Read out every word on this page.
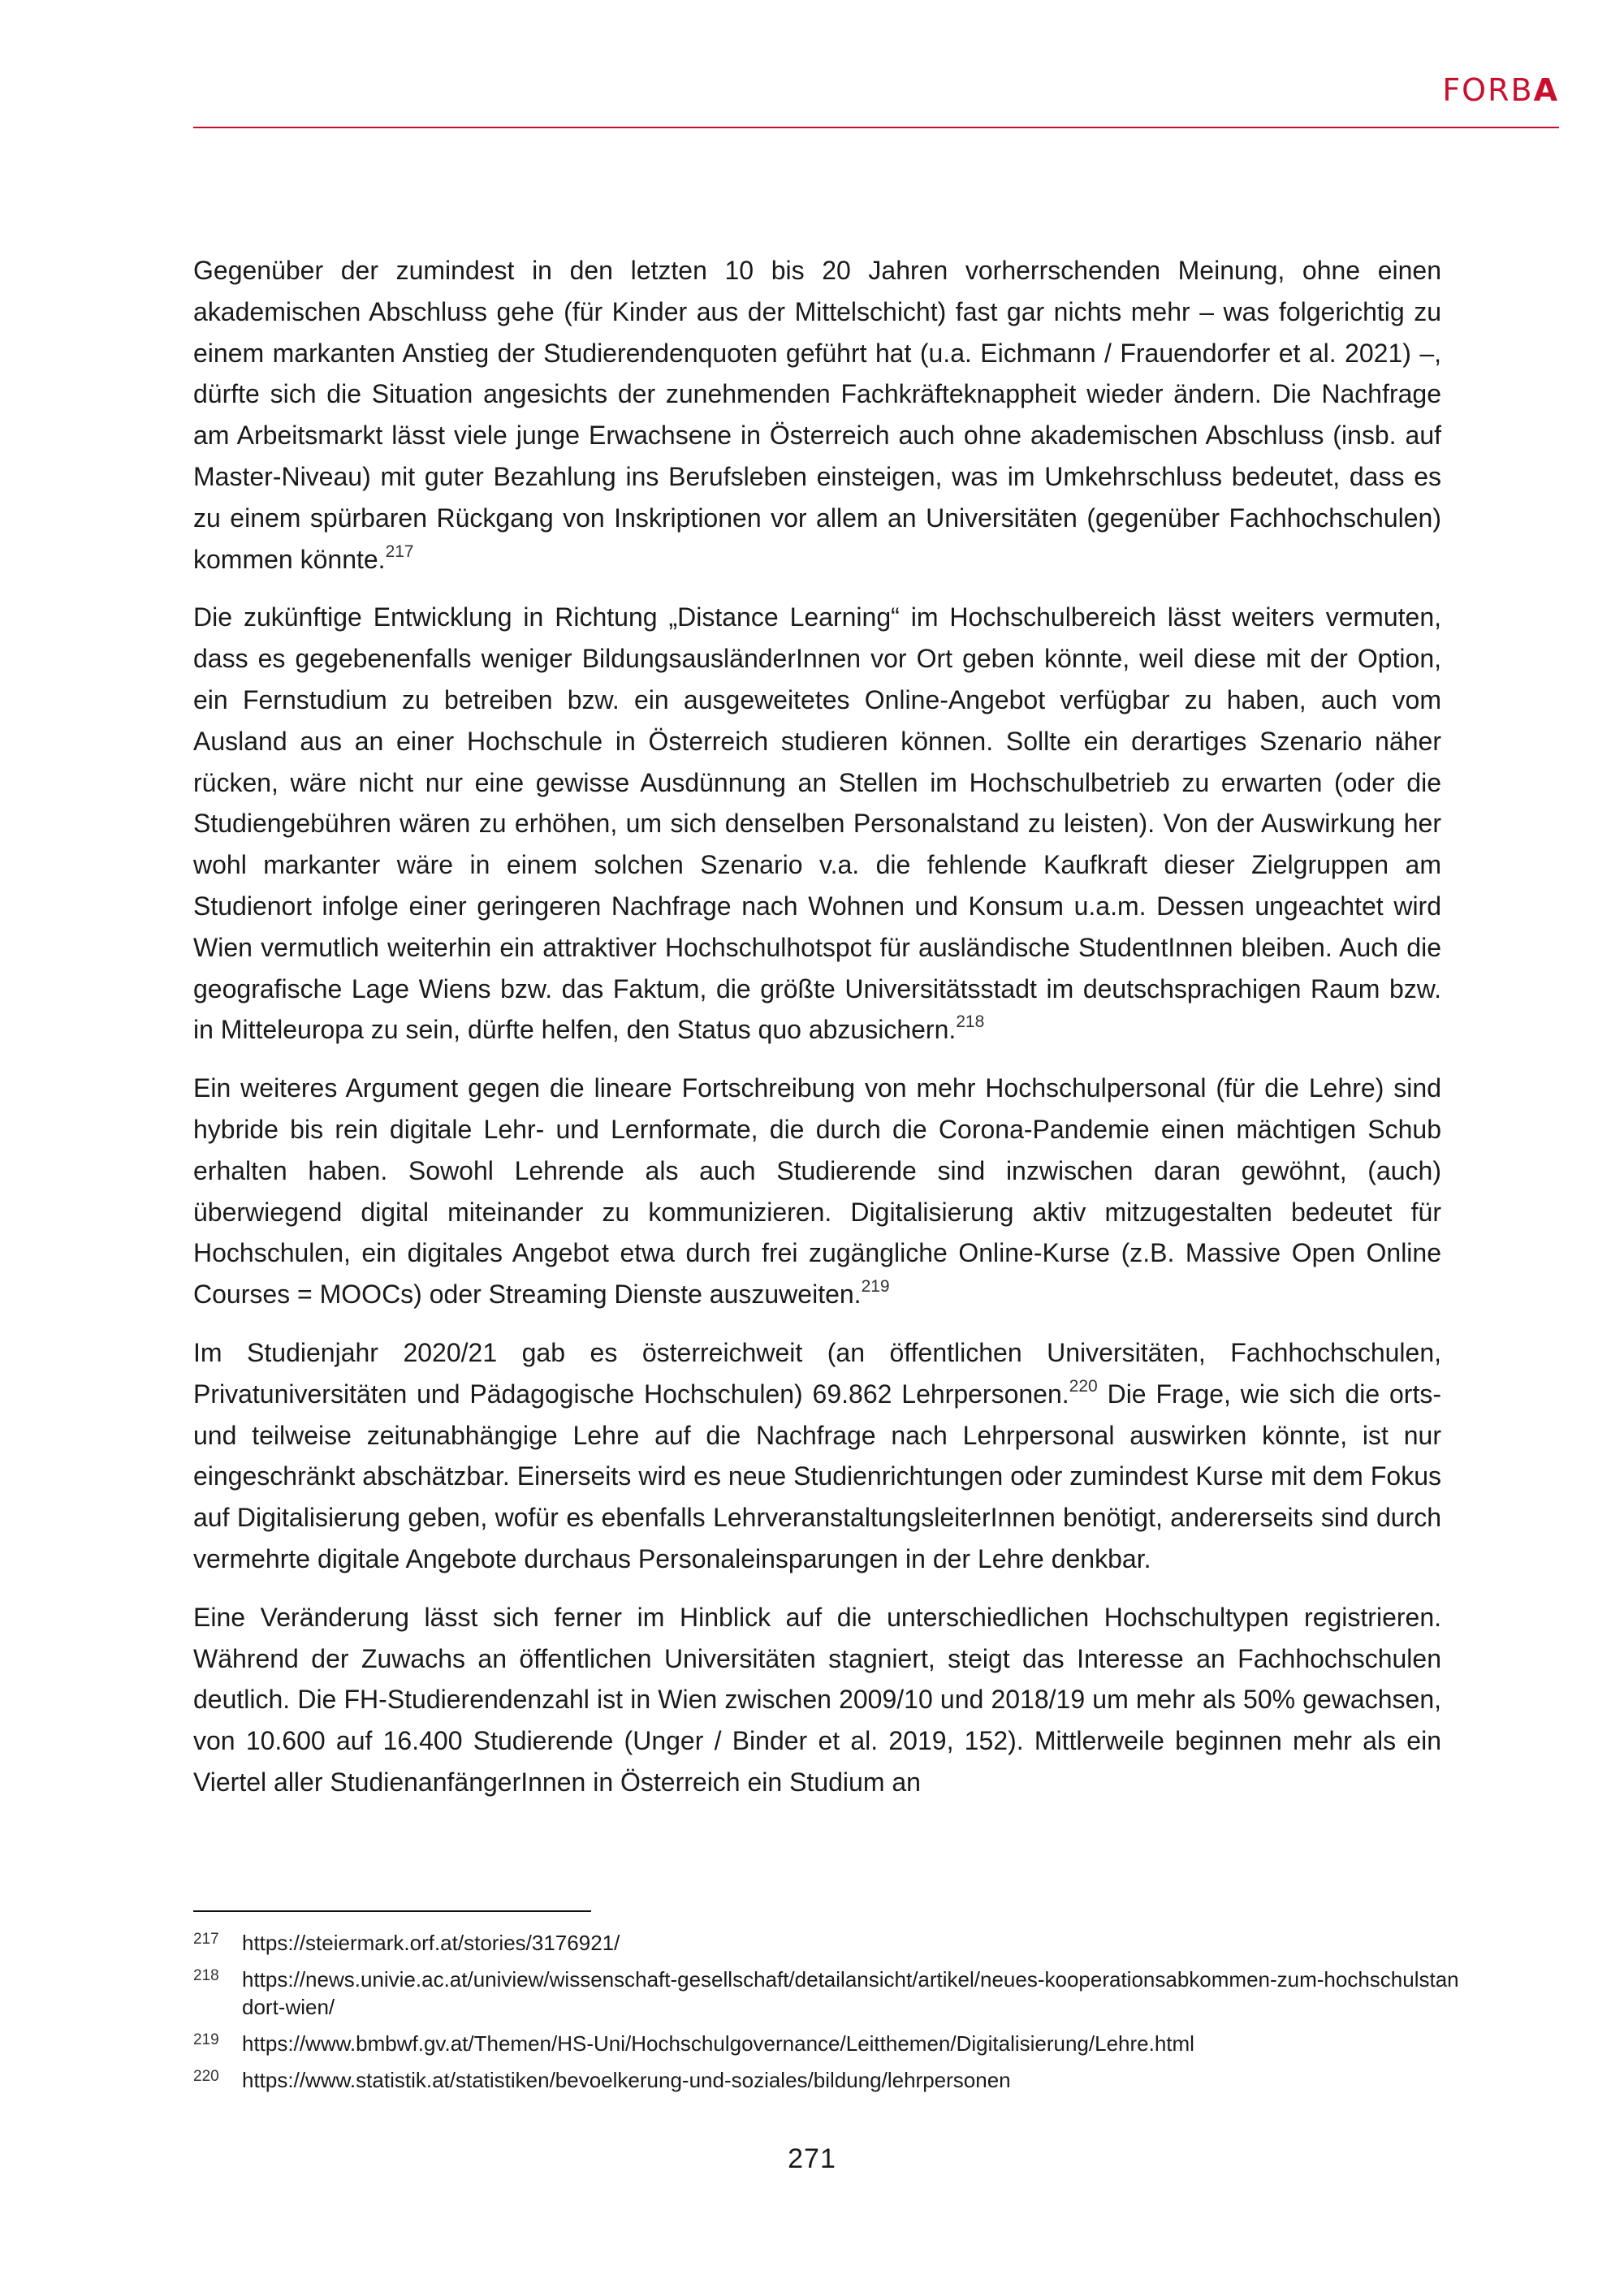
FORBA

Gegenüber der zumindest in den letzten 10 bis 20 Jahren vorherrschenden Meinung, ohne einen akademischen Abschluss gehe (für Kinder aus der Mittelschicht) fast gar nichts mehr – was folgerichtig zu einem markanten Anstieg der Studierendenquoten geführt hat (u.a. Eichmann / Frauendorfer et al. 2021) –, dürfte sich die Situation angesichts der zunehmenden Fachkräfteknappheit wieder ändern. Die Nachfrage am Arbeitsmarkt lässt viele junge Erwachsene in Österreich auch ohne akademischen Abschluss (insb. auf Master-Niveau) mit guter Bezahlung ins Berufsleben einsteigen, was im Umkehrschluss bedeutet, dass es zu einem spürbaren Rückgang von Inskriptionen vor allem an Universitäten (gegenüber Fachhochschulen) kommen könnte.$^{217}$

Die zukünftige Entwicklung in Richtung „Distance Learning“ im Hochschulbereich lässt weiters vermuten, dass es gegebenenfalls weniger BildungsausländerInnen vor Ort geben könnte, weil diese mit der Option, ein Fernstudium zu betreiben bzw. ein ausgeweitetes Online-Angebot verfügbar zu haben, auch vom Ausland aus an einer Hochschule in Österreich studieren können. Sollte ein derartiges Szenario näher rücken, wäre nicht nur eine gewisse Ausdünnung an Stellen im Hochschulbetrieb zu erwarten (oder die Studiengebühren wären zu erhöhen, um sich denselben Personalstand zu leisten). Von der Auswirkung her wohl markanter wäre in einem solchen Szenario v.a. die fehlende Kaufkraft dieser Zielgruppen am Studienort infolge einer geringeren Nachfrage nach Wohnen und Konsum u.a.m. Dessen ungeachtet wird Wien vermutlich weiterhin ein attraktiver Hochschulhotspot für ausländische StudentInnen bleiben. Auch die geografische Lage Wiens bzw. das Faktum, die größte Universitätsstadt im deutschsprachigen Raum bzw. in Mitteleuropa zu sein, dürfte helfen, den Status quo abzusichern.$^{218}$

Ein weiteres Argument gegen die lineare Fortschreibung von mehr Hochschulpersonal (für die Lehre) sind hybride bis rein digitale Lehr- und Lernformate, die durch die Corona-Pandemie einen mächtigen Schub erhalten haben. Sowohl Lehrende als auch Studierende sind inzwischen daran gewöhnt, (auch) überwiegend digital miteinander zu kommunizieren. Digitalisierung aktiv mitzugestalten bedeutet für Hochschulen, ein digitales Angebot etwa durch frei zugängliche Online-Kurse (z.B. Massive Open Online Courses = MOOCs) oder Streaming Dienste auszuweiten.$^{219}$

Im Studienjahr 2020/21 gab es österreichweit (an öffentlichen Universitäten, Fachhochschulen, Privatuniversitäten und Pädagogische Hochschulen) 69.862 Lehrpersonen.$^{220}$ Die Frage, wie sich die orts- und teilweise zeitunabhängige Lehre auf die Nachfrage nach Lehrpersonal auswirken könnte, ist nur eingeschränkt abschätzbar. Einerseits wird es neue Studienrichtungen oder zumindest Kurse mit dem Fokus auf Digitalisierung geben, wofür es ebenfalls LehrveranstaltungsleiterInnen benötigt, andererseits sind durch vermehrte digitale Angebote durchaus Personaleinsparungen in der Lehre denkbar.

Eine Veränderung lässt sich ferner im Hinblick auf die unterschiedlichen Hochschultypen registrieren. Während der Zuwachs an öffentlichen Universitäten stagniert, steigt das Interesse an Fachhochschulen deutlich. Die FH-Studierendenzahl ist in Wien zwischen 2009/10 und 2018/19 um mehr als 50% gewachsen, von 10.600 auf 16.400 Studierende (Unger / Binder et al. 2019, 152). Mittlerweile beginnen mehr als ein Viertel aller StudienanfängerInnen in Österreich ein Studium an

217	https://steiermark.orf.at/stories/3176921/
218	https://news.univie.ac.at/uniview/wissenschaft-gesellschaft/detailansicht/artikel/neues-kooperationsabkommen-zum-hochschulstandort-wien/
219	https://www.bmbwf.gv.at/Themen/HS-Uni/Hochschulgovernance/Leitthemen/Digitalisierung/Lehre.html
220	https://www.statistik.at/statistiken/bevoelkerung-und-soziales/bildung/lehrpersonen
271
